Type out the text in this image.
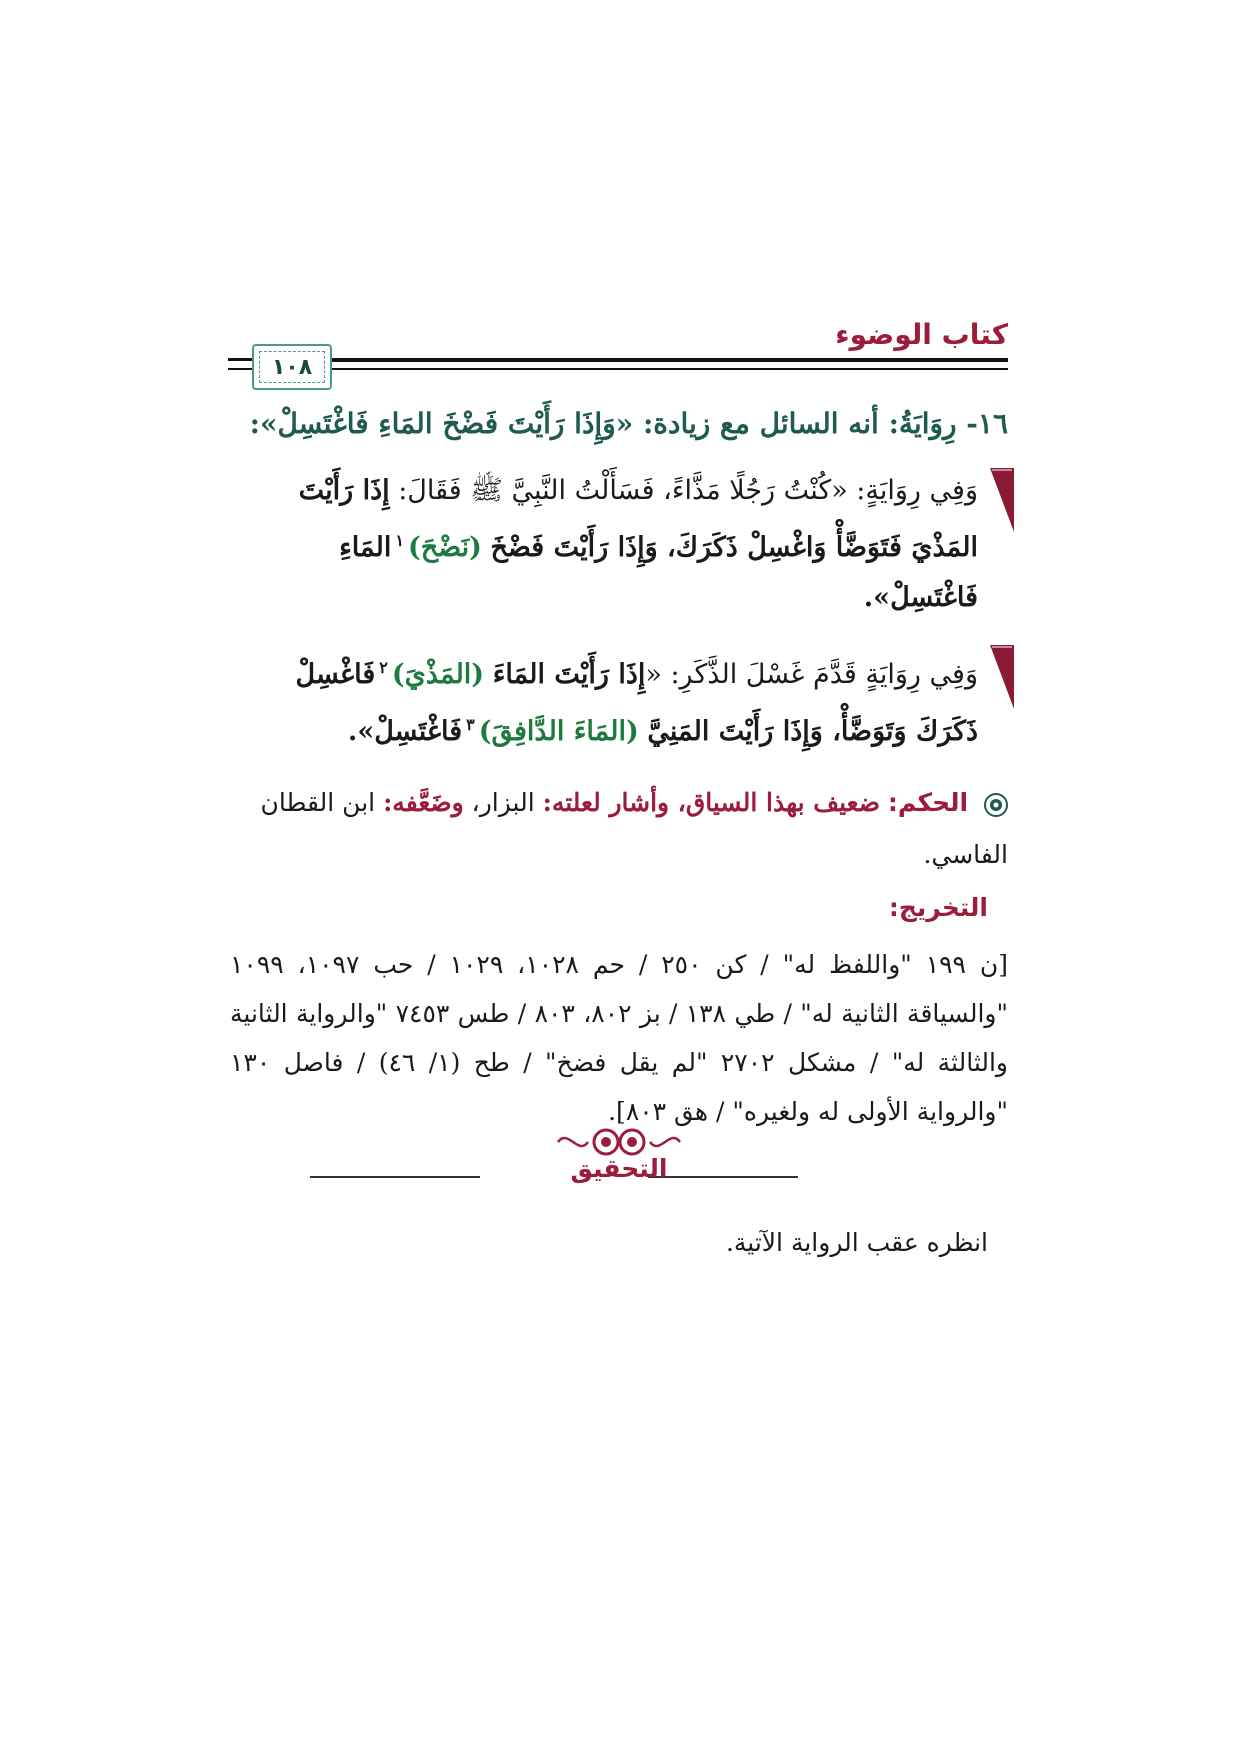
كتاب الوضوء
١٠٨
١٦- رِوَايَةُ: أنه السائل مع زيادة: «وَإِذَا رَأَيْتَ فَضْخَ المَاءِ فَاغْتَسِلْ»:
وَفِي رِوَايَةٍ: «كُنْتُ رَجُلًا مَذَّاءً، فَسَأَلْتُ النَّبِيَّ ﷺ فَقَالَ: إِذَا رَأَيْتَ المَذْيَ فَتَوَضَّأْ وَاغْسِلْ ذَكَرَكَ، وَإِذَا رَأَيْتَ فَضْخَ (نَضْحَ)$^١$المَاءِ فَاغْتَسِلْ».
وَفِي رِوَايَةٍ قَدَّمَ غَسْلَ الذَّكَرِ: «إِذَا رَأَيْتَ المَاءَ (المَذْيَ)$^٢$فَاغْسِلْ ذَكَرَكَ وَتَوَضَّأْ، وَإِذَا رَأَيْتَ المَنِيَّ (المَاءَ الدَّافِقَ)$^٣$فَاغْتَسِلْ».
الحكم: ضعيف بهذا السياق، وأشار لعلته: البزار، وضَعَّفه: ابن القطان الفاسي.
التخريج:
[ن ١٩٩ "واللفظ له" / كن ٢٥٠ / حم ١٠٢٨، ١٠٢٩ / حب ١٠٩٧، ١٠٩٩ "والسياقة الثانية له" / طي ١٣٨ / بز ٨٠٢، ٨٠٣ / طس ٧٤٥٣ "والرواية الثانية والثالثة له" / مشكل ٢٧٠٢ "لم يقل فضخ" / طح (١/ ٤٦) / فاصل ١٣٠ "والرواية الأولى له ولغيره" / هق ٨٠٣].
التحقيق
انظره عقب الرواية الآتية.
